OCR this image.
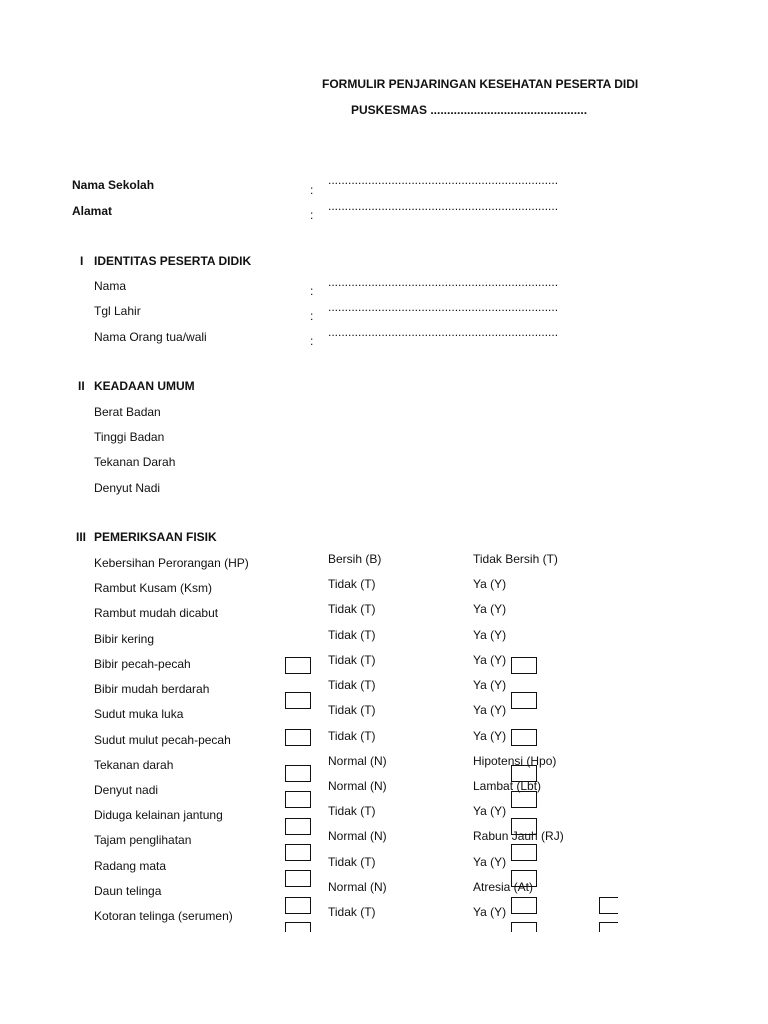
FORMULIR PENJARINGAN KESEHATAN PESERTA DIDI
PUSKESMAS ...............................................
Nama Sekolah	:
.....................................................................
Alamat	:
.....................................................................
I IDENTITAS PESERTA DIDIK
Nama	:
.....................................................................
Tgl Lahir	:
.....................................................................
Nama Orang tua/wali	:
.....................................................................
II KEADAAN UMUM
Berat Badan
Tinggi Badan
Tekanan Darah
Denyut Nadi
III PEMERIKSAAN FISIK
Kebersihan Perorangan (HP)	Bersih (B)	Tidak Bersih (T)
Rambut Kusam (Ksm)	Tidak (T)	Ya (Y)
Rambut mudah dicabut	Tidak (T)	Ya (Y)
Bibir kering	Tidak (T)	Ya (Y)
Bibir pecah-pecah	Tidak (T)	Ya (Y)
Bibir mudah berdarah	Tidak (T)	Ya (Y)
Sudut muka luka	Tidak (T)	Ya (Y)
Sudut mulut pecah-pecah	Tidak (T)	Ya (Y)
Tekanan darah	Normal (N)	Hipotensi (Hpo)
Denyut nadi	Normal (N)	Lambat (Lbt)
Diduga kelainan jantung	Tidak (T)	Ya (Y)
Tajam penglihatan	Normal (N)	Rabun Jauh (RJ)
Radang mata	Tidak (T)	Ya (Y)
Daun telinga	Normal (N)	Atresia (At)
Kotoran telinga (serumen)	Tidak (T)	Ya (Y)
